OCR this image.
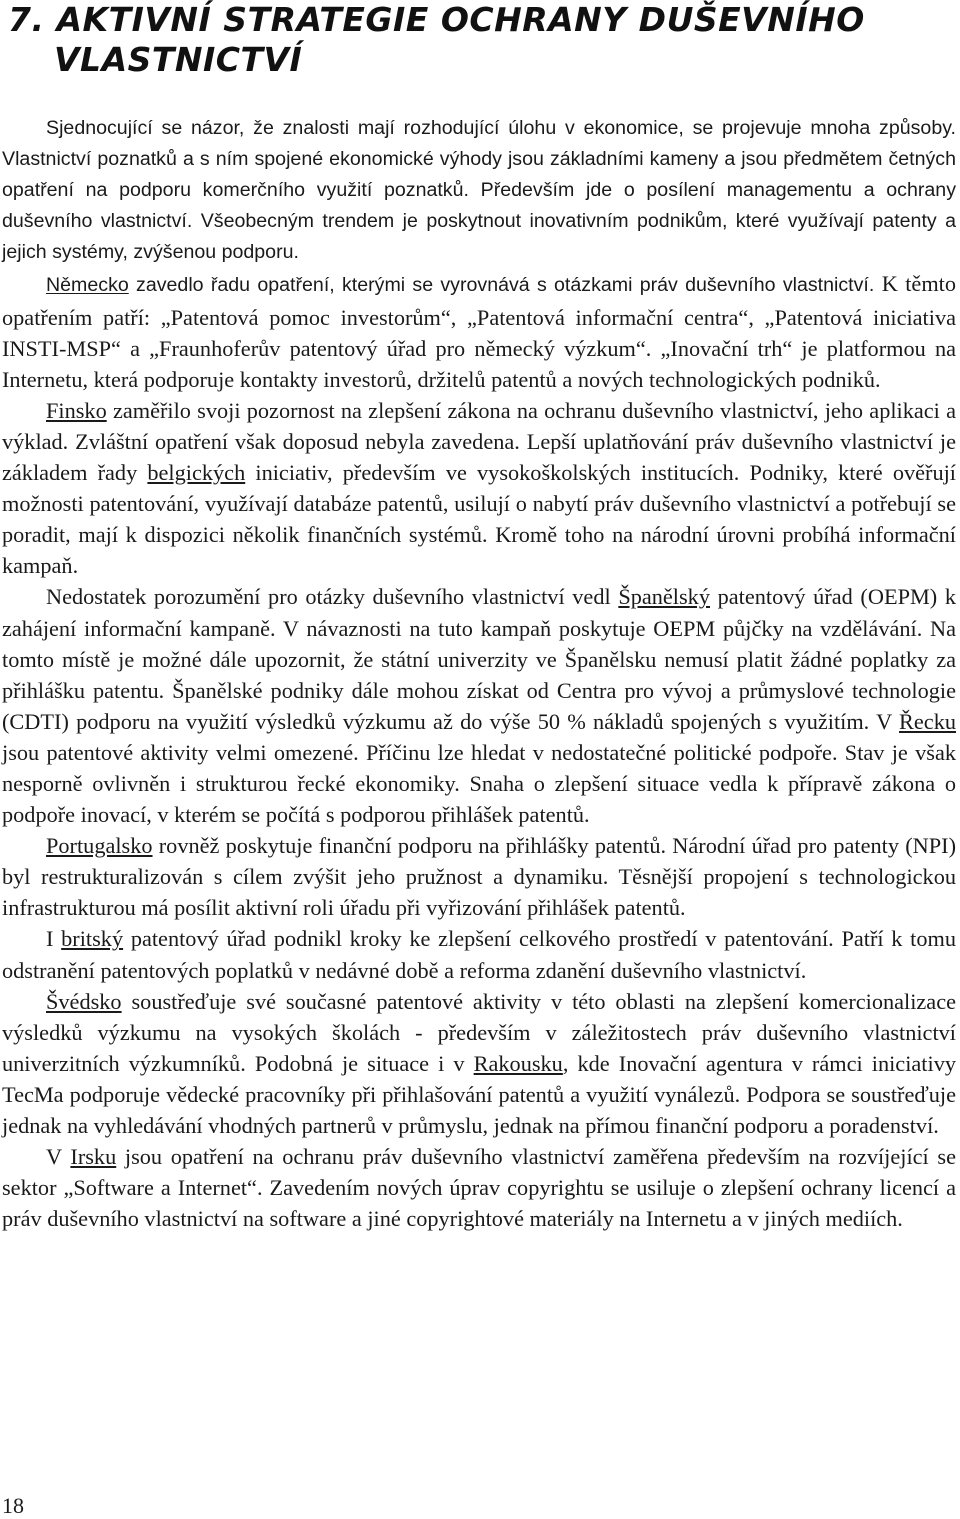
7. AKTIVNÍ STRATEGIE OCHRANY DUŠEVNÍHO
VLASTNICTVÍ

Sjednocující se názor, že znalosti mají rozhodující úlohu v ekonomice, se projevuje mnoha způsoby. Vlastnictví poznatků a s ním spojené ekonomické výhody jsou základními kameny a jsou předmětem četných opatření na podporu komerčního využití poznatků. Především jde o posílení managementu a ochrany duševního vlastnictví. Všeobecným trendem je poskytnout inovativním podnikům, které využívají patenty a jejich systémy, zvýšenou podporu.

Německo zavedlo řadu opatření, kterými se vyrovnává s otázkami práv duševního vlastnictví. K těmto opatřením patří: „Patentová pomoc investorům“, „Patentová informační centra“, „Patentová iniciativa INSTI-MSP“ a „Fraunhoferův patentový úřad pro německý výzkum“. „Inovační trh“ je platformou na Internetu, která podporuje kontakty investorů, držitelů patentů a nových technologických podniků.

Finsko zaměřilo svoji pozornost na zlepšení zákona na ochranu duševního vlastnictví, jeho aplikaci a výklad. Zvláštní opatření však doposud nebyla zavedena. Lepší uplatňování práv duševního vlastnictví je základem řady belgických iniciativ, především ve vysokoškolských institucích. Podniky, které ověřují možnosti patentování, využívají databáze patentů, usilují o nabytí práv duševního vlastnictví a potřebují se poradit, mají k dispozici několik finančních systémů. Kromě toho na národní úrovni probíhá informační kampaň.

Nedostatek porozumění pro otázky duševního vlastnictví vedl Španělský patentový úřad (OEPM) k zahájení informační kampaně. V návaznosti na tuto kampaň poskytuje OEPM půjčky na vzdělávání. Na tomto místě je možné dále upozornit, že státní univerzity ve Španělsku nemusí platit žádné poplatky za přihlášku patentu. Španělské podniky dále mohou získat od Centra pro vývoj a průmyslové technologie (CDTI) podporu na využití výsledků výzkumu až do výše 50 % nákladů spojených s využitím. V Řecku jsou patentové aktivity velmi omezené. Příčinu lze hledat v nedostatečné politické podpoře. Stav je však nesporně ovlivněn i strukturou řecké ekonomiky. Snaha o zlepšení situace vedla k přípravě zákona o podpoře inovací, v kterém se počítá s podporou přihlášek patentů.

Portugalsko rovněž poskytuje finanční podporu na přihlášky patentů. Národní úřad pro patenty (NPI) byl restrukturalizován s cílem zvýšit jeho pružnost a dynamiku. Těsnější propojení s technologickou infrastrukturou má posílit aktivní roli úřadu při vyřizování přihlášek patentů.

I britský patentový úřad podnikl kroky ke zlepšení celkového prostředí v patentování. Patří k tomu odstranění patentových poplatků v nedávné době a reforma zdanění duševního vlastnictví.

Švédsko soustřeďuje své současné patentové aktivity v této oblasti na zlepšení komercionalizace výsledků výzkumu na vysokých školách - především v záležitostech práv duševního vlastnictví univerzitních výzkumníků. Podobná je situace i v Rakousku, kde Inovační agentura v rámci iniciativy TecMa podporuje vědecké pracovníky při přihlašování patentů a využití vynálezů. Podpora se soustřeďuje jednak na vyhledávání vhodných partnerů v průmyslu, jednak na přímou finanční podporu a poradenství.

V Irsku jsou opatření na ochranu práv duševního vlastnictví zaměřena především na rozvíjející se sektor „Software a Internet“. Zavedením nových úprav copyrightu se usiluje o zlepšení ochrany licencí a práv duševního vlastnictví na software a jiné copyrightové materiály na Internetu a v jiných mediích.

18
